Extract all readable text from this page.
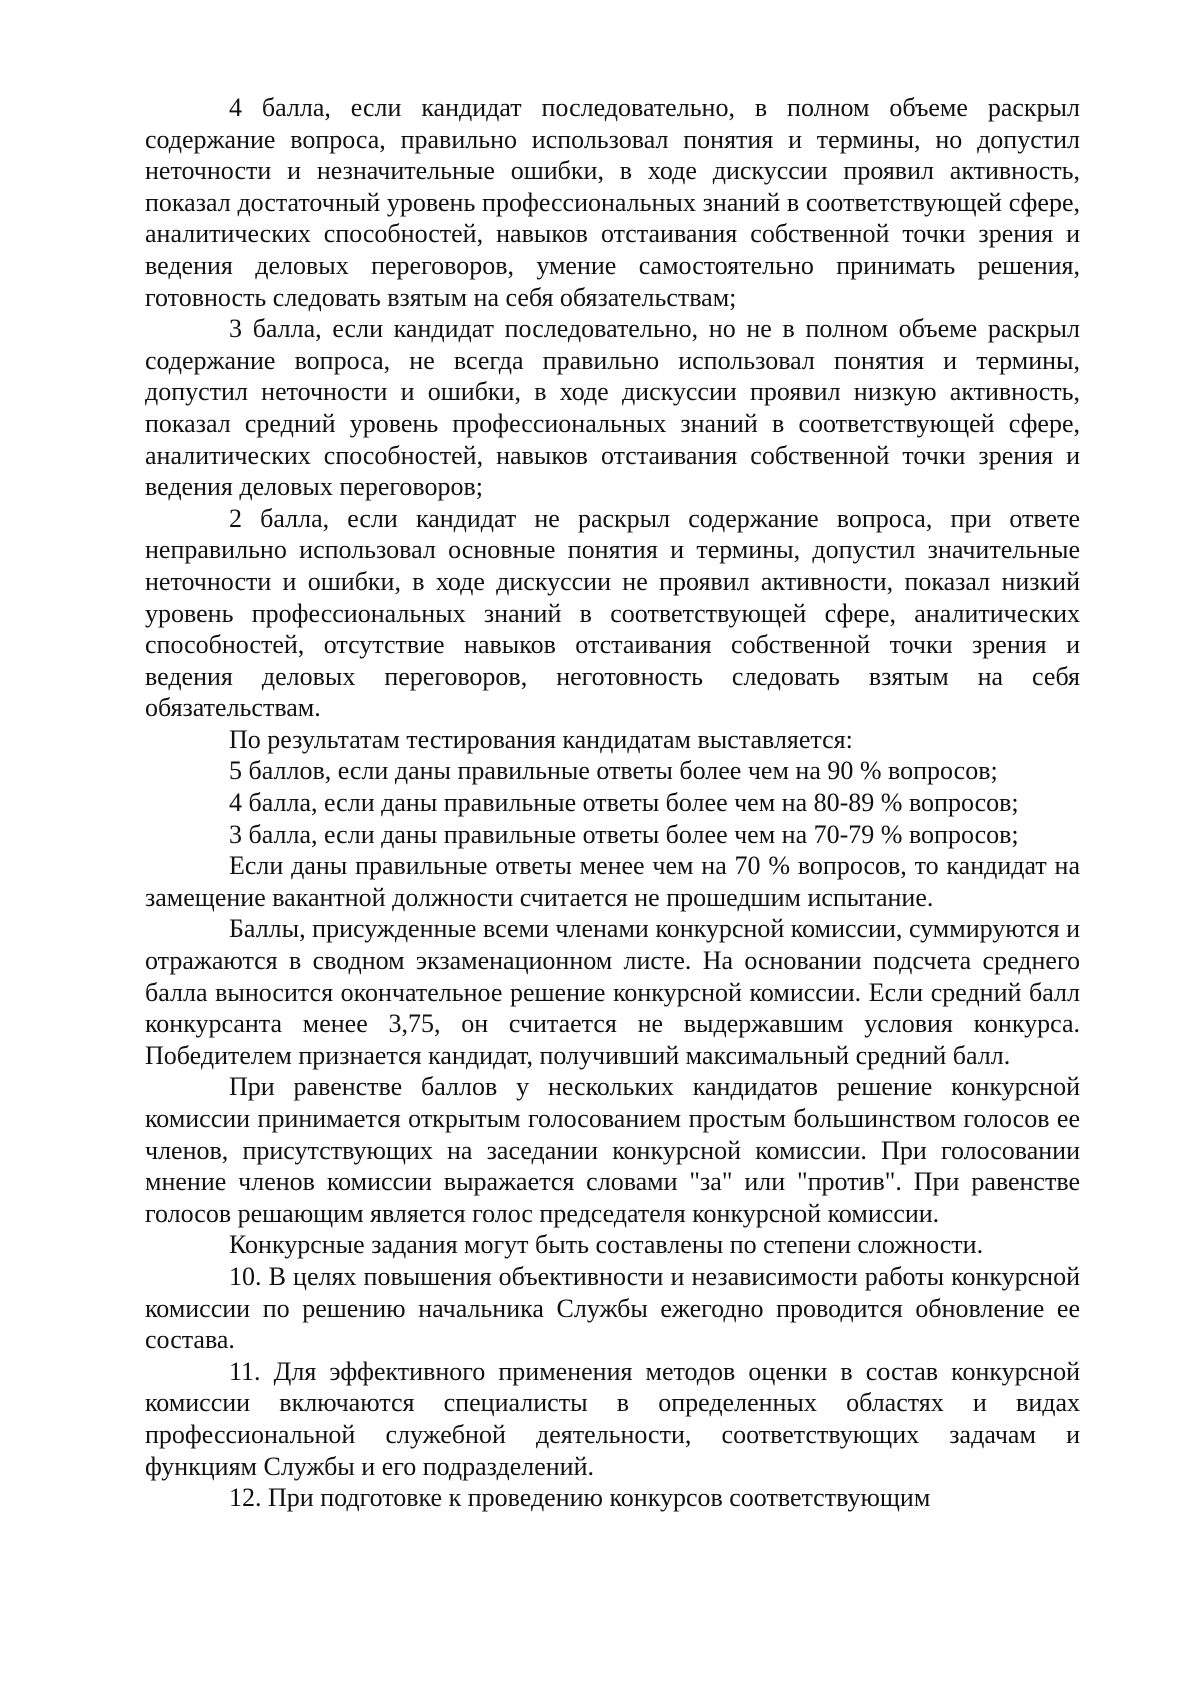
4 балла, если кандидат последовательно, в полном объеме раскрыл содержание вопроса, правильно использовал понятия и термины, но допустил неточности и незначительные ошибки, в ходе дискуссии проявил активность, показал достаточный уровень профессиональных знаний в соответствующей сфере, аналитических способностей, навыков отстаивания собственной точки зрения и ведения деловых переговоров, умение самостоятельно принимать решения, готовность следовать взятым на себя обязательствам;

3 балла, если кандидат последовательно, но не в полном объеме раскрыл содержание вопроса, не всегда правильно использовал понятия и термины, допустил неточности и ошибки, в ходе дискуссии проявил низкую активность, показал средний уровень профессиональных знаний в соответствующей сфере, аналитических способностей, навыков отстаивания собственной точки зрения и ведения деловых переговоров;

2 балла, если кандидат не раскрыл содержание вопроса, при ответе неправильно использовал основные понятия и термины, допустил значительные неточности и ошибки, в ходе дискуссии не проявил активности, показал низкий уровень профессиональных знаний в соответствующей сфере, аналитических способностей, отсутствие навыков отстаивания собственной точки зрения и ведения деловых переговоров, неготовность следовать взятым на себя обязательствам.

По результатам тестирования кандидатам выставляется:

5 баллов, если даны правильные ответы более чем на 90 % вопросов;

4 балла, если даны правильные ответы более чем на 80-89 % вопросов;

3 балла, если даны правильные ответы более чем на 70-79 % вопросов;

Если даны правильные ответы менее чем на 70 % вопросов, то кандидат на замещение вакантной должности считается не прошедшим испытание.

Баллы, присужденные всеми членами конкурсной комиссии, суммируются и отражаются в сводном экзаменационном листе. На основании подсчета среднего балла выносится окончательное решение конкурсной комиссии. Если средний балл конкурсанта менее 3,75, он считается не выдержавшим условия конкурса. Победителем признается кандидат, получивший максимальный средний балл.

При равенстве баллов у нескольких кандидатов решение конкурсной комиссии принимается открытым голосованием простым большинством голосов ее членов, присутствующих на заседании конкурсной комиссии. При голосовании мнение членов комиссии выражается словами "за" или "против". При равенстве голосов решающим является голос председателя конкурсной комиссии.

Конкурсные задания могут быть составлены по степени сложности.

10. В целях повышения объективности и независимости работы конкурсной комиссии по решению начальника Службы ежегодно проводится обновление ее состава.

11. Для эффективного применения методов оценки в состав конкурсной комиссии включаются специалисты в определенных областях и видах профессиональной служебной деятельности, соответствующих задачам и функциям Службы и его подразделений.

12. При подготовке к проведению конкурсов соответствующим
